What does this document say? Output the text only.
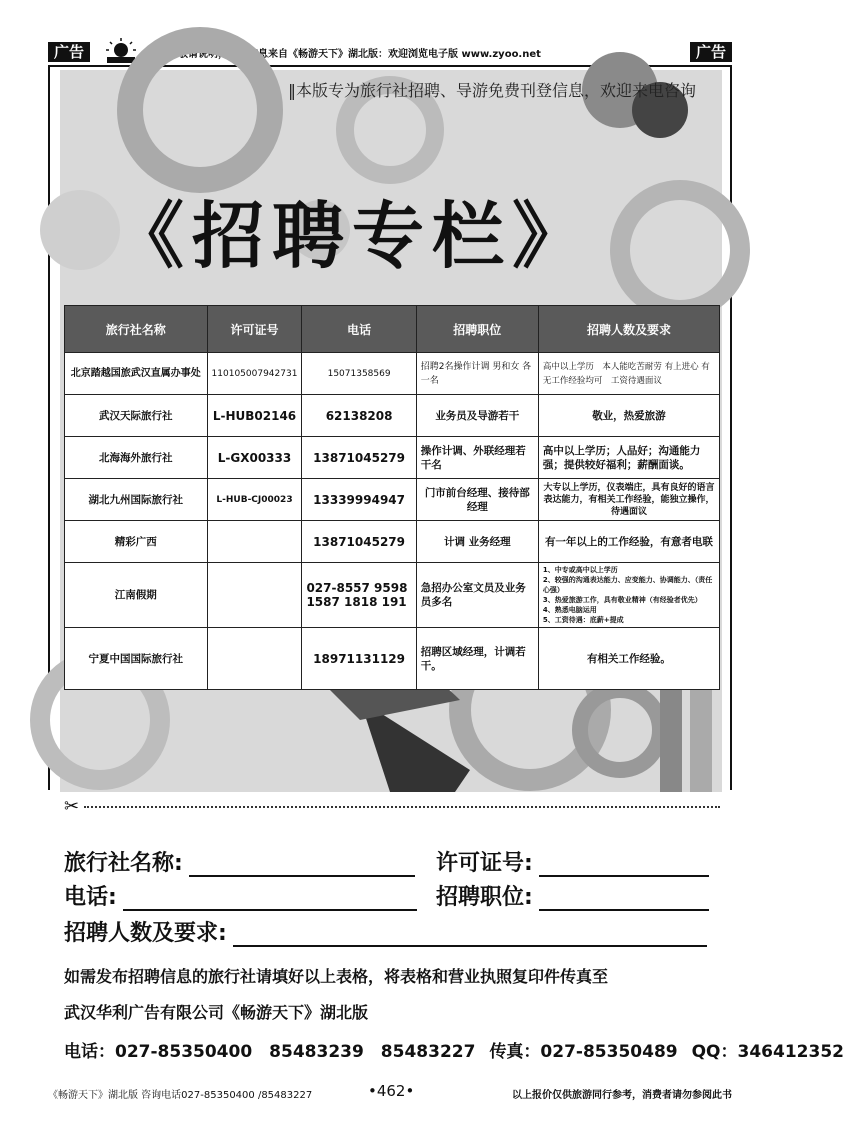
广告	联系时敬请说明，您的信息来自《畅游天下》湖北版：欢迎浏览电子版 www.zyoo.net	广告
‖本版专为旅行社招聘、导游免费刊登信息，欢迎来电咨询
《招聘专栏》
旅行社名称	许可证号	电话	招聘职位	招聘人数及要求
北京踏越国旅武汉直属办事处	110105007942731	15071358569	招聘2名操作计调 男和女 各一名	高中以上学历　本人能吃苦耐劳 有上进心 有无工作经验均可　工资待遇面议
武汉天际旅行社	L-HUB02146	62138208	业务员及导游若干	敬业，热爱旅游
北海海外旅行社	L-GX00333	13871045279	操作计调、外联经理若干名	高中以上学历；人品好；沟通能力强；提供较好福利；薪酬面谈。
湖北九州国际旅行社	L-HUB-CJ00023	13339994947	门市前台经理、接待部经理	大专以上学历，仪表端庄，具有良好的语言表达能力，有相关工作经验，能独立操作，待遇面议
精彩广西		13871045279	计调 业务经理	有一年以上的工作经验，有意者电联
江南假期		027-8557 9598 1587 1818 191	急招办公室文员及业务员多名	1、中专或高中以上学历
2、较强的沟通表达能力、应变能力、协调能力、（责任心强）
3、热爱旅游工作，具有敬业精神（有经验者优先）
4、熟悉电脑运用
5、工资待遇：底薪+提成

宁夏中国国际旅行社		18971131129	招聘区域经理，计调若干。	有相关工作经验。
✂
旅行社名称:	许可证号:
电话:	招聘职位:
招聘人数及要求:
如需发布招聘信息的旅行社请填好以上表格，将表格和营业执照复印件传真至
武汉华利广告有限公司《畅游天下》湖北版
电话：027-85350400　85483239　85483227 传真：027-85350489 QQ：346412352
《畅游天下》湖北版 咨询电话027-85350400 /85483227	•462•	以上报价仅供旅游同行参考，消费者请勿参阅此书
